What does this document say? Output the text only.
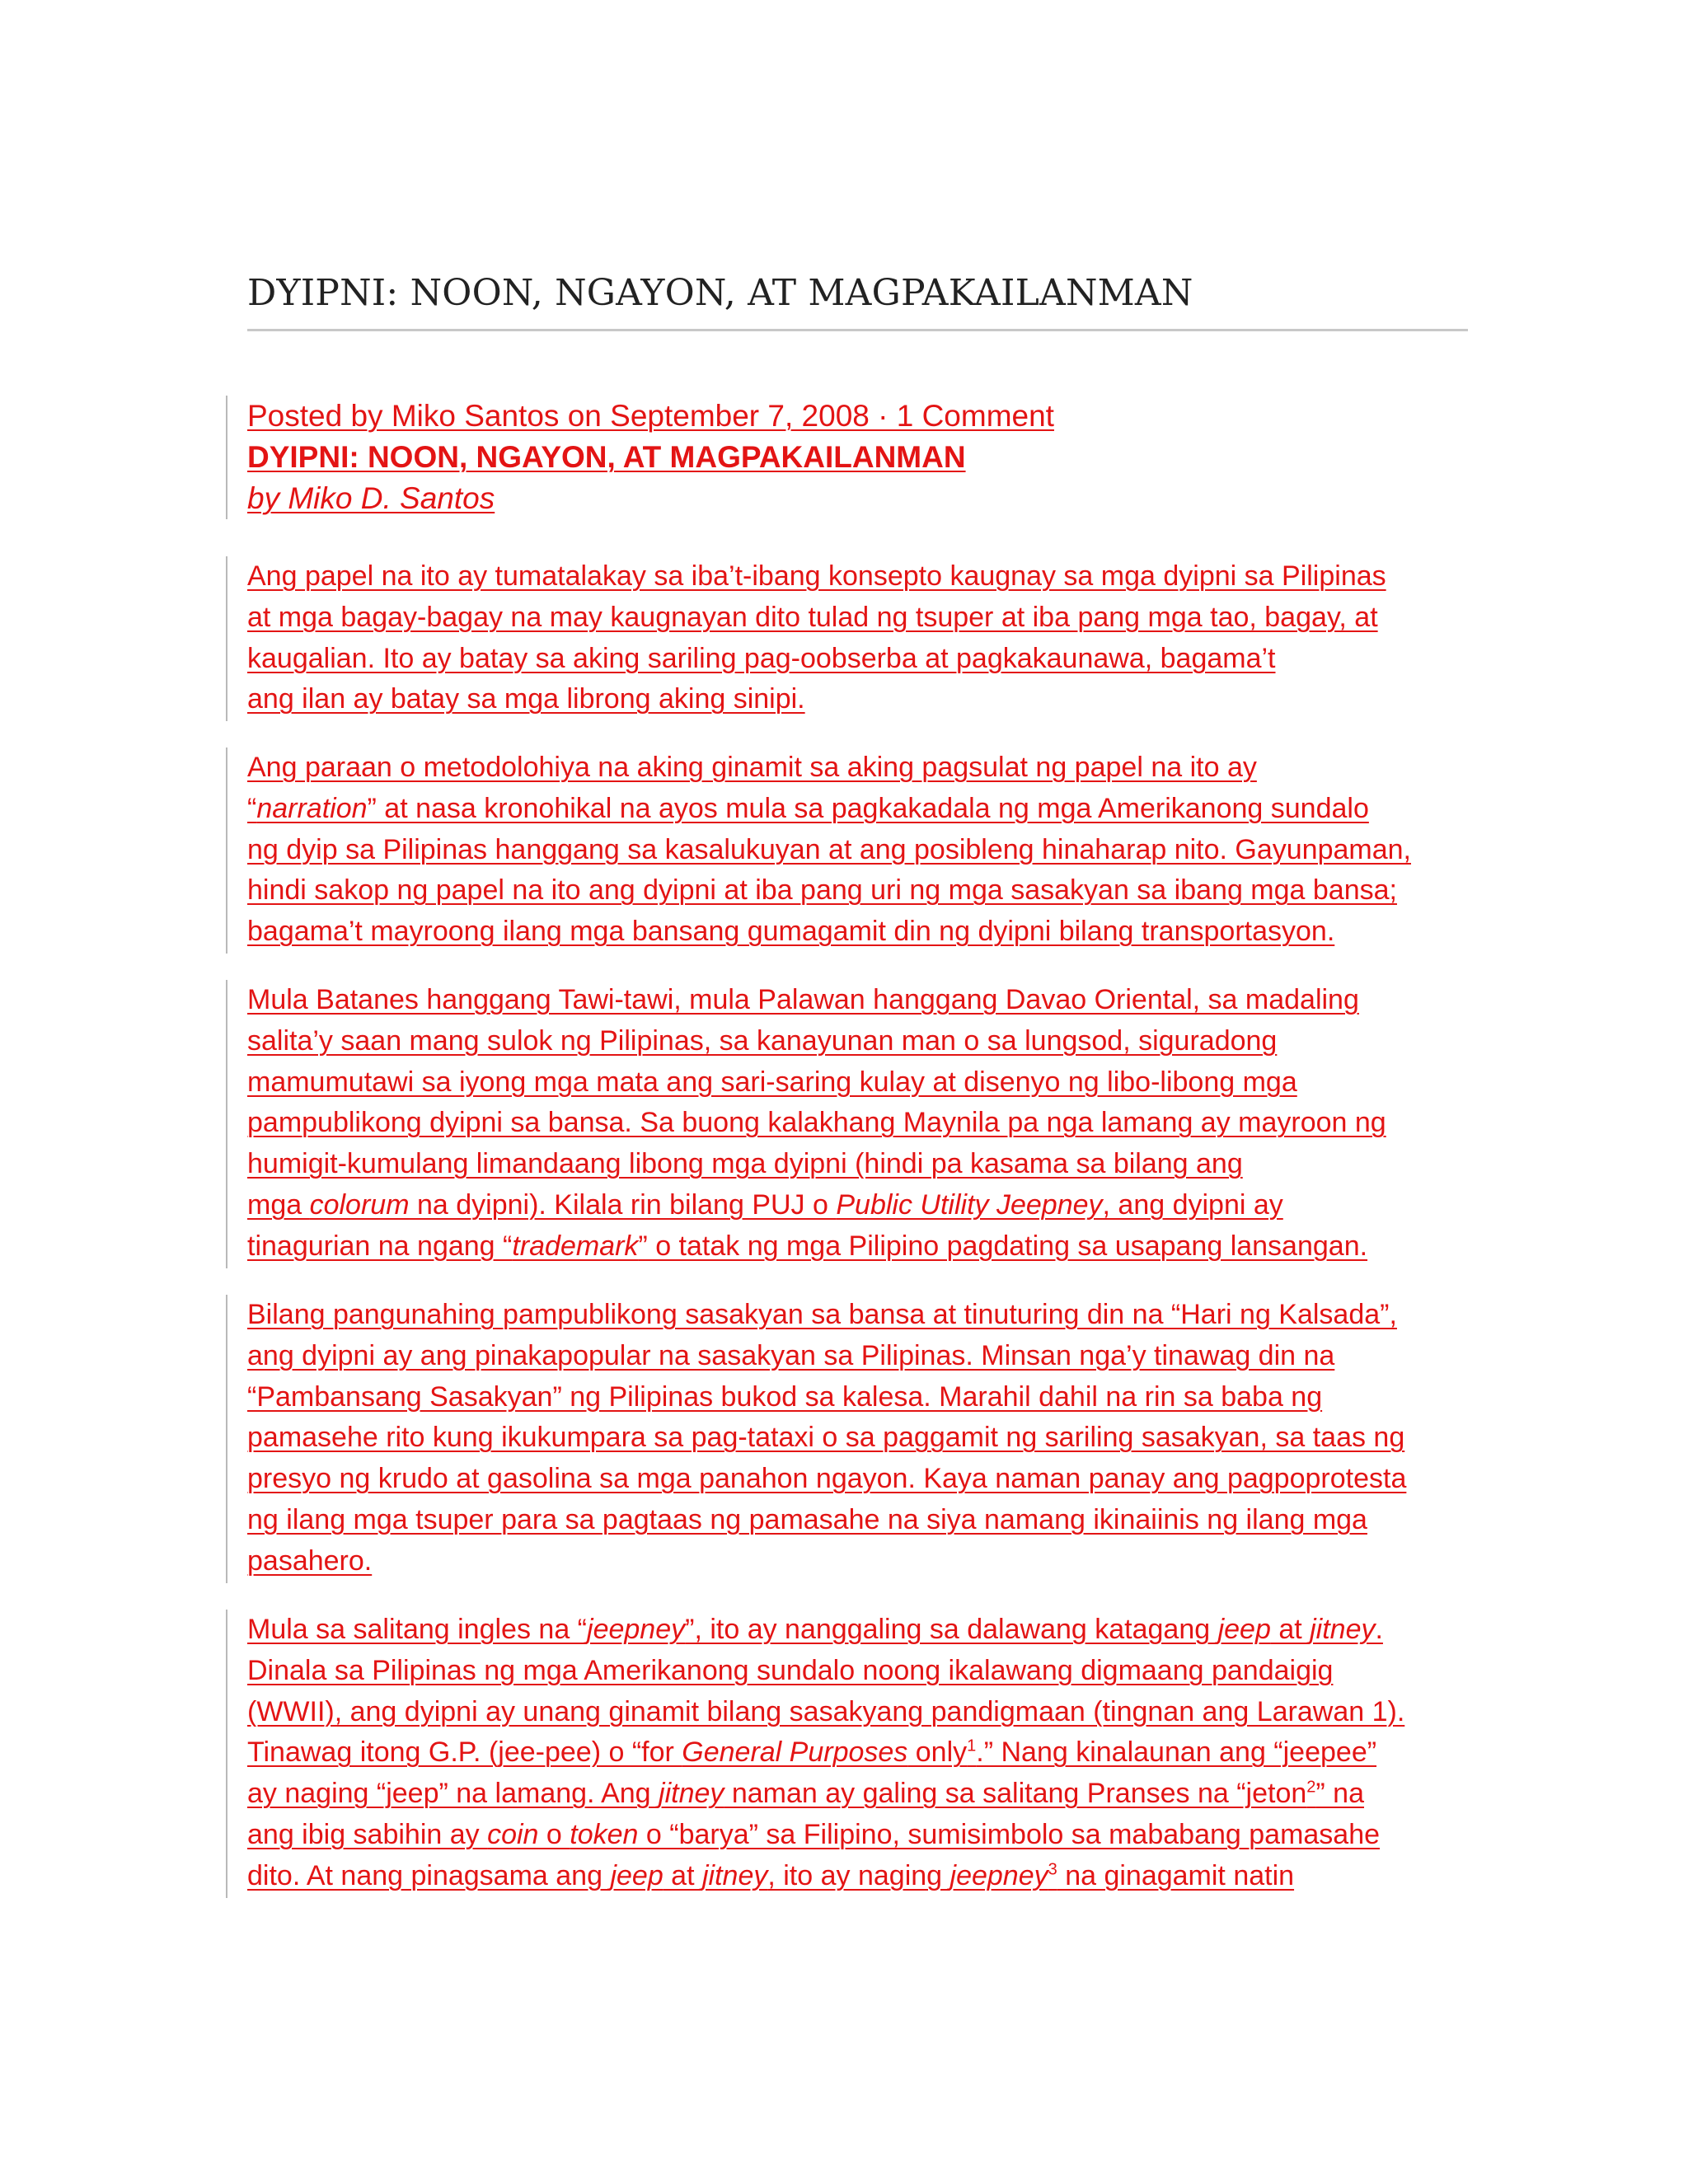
DYIPNI: NOON, NGAYON, AT MAGPAKAILANMAN
Posted by Miko Santos on September 7, 2008 · 1 Comment
DYIPNI: NOON, NGAYON, AT MAGPAKAILANMAN
by Miko D. Santos
Ang papel na ito ay tumatalakay sa iba’t-ibang konsepto kaugnay sa mga dyipni sa Pilipinas
at mga bagay-bagay na may kaugnayan dito tulad ng tsuper at iba pang mga tao, bagay, at
kaugalian. Ito ay batay sa aking sariling pag-oobserba at pagkakaunawa, bagama’t
ang ilan ay batay sa mga librong aking sinipi.
Ang paraan o metodolohiya na aking ginamit sa aking pagsulat ng papel na ito ay
“narration” at nasa kronohikal na ayos mula sa pagkakadala ng mga Amerikanong sundalo
ng dyip sa Pilipinas hanggang sa kasalukuyan at ang posibleng hinaharap nito. Gayunpaman,
hindi sakop ng papel na ito ang dyipni at iba pang uri ng mga sasakyan sa ibang mga bansa;
bagama’t mayroong ilang mga bansang gumagamit din ng dyipni bilang transportasyon.
Mula Batanes hanggang Tawi-tawi, mula Palawan hanggang Davao Oriental, sa madaling
salita’y saan mang sulok ng Pilipinas, sa kanayunan man o sa lungsod, siguradong
mamumutawi sa iyong mga mata ang sari-saring kulay at disenyo ng libo-libong mga
pampublikong dyipni sa bansa. Sa buong kalakhang Maynila pa nga lamang ay mayroon ng
humigit-kumulang limandaang libong mga dyipni (hindi pa kasama sa bilang ang
mga colorum na dyipni). Kilala rin bilang PUJ o Public Utility Jeepney, ang dyipni ay
tinagurian na ngang “trademark” o tatak ng mga Pilipino pagdating sa usapang lansangan.
Bilang pangunahing pampublikong sasakyan sa bansa at tinuturing din na “Hari ng Kalsada”,
ang dyipni ay ang pinakapopular na sasakyan sa Pilipinas. Minsan nga’y tinawag din na
“Pambansang Sasakyan” ng Pilipinas bukod sa kalesa. Marahil dahil na rin sa baba ng
pamasehe rito kung ikukumpara sa pag-tataxi o sa paggamit ng sariling sasakyan, sa taas ng
presyo ng krudo at gasolina sa mga panahon ngayon. Kaya naman panay ang pagpoprotesta
ng ilang mga tsuper para sa pagtaas ng pamasahe na siya namang ikinaiinis ng ilang mga
pasahero.
Mula sa salitang ingles na “jeepney”, ito ay nanggaling sa dalawang katagang jeep at jitney.
Dinala sa Pilipinas ng mga Amerikanong sundalo noong ikalawang digmaang pandaigig
(WWII), ang dyipni ay unang ginamit bilang sasakyang pandigmaan (tingnan ang Larawan 1).
Tinawag itong G.P. (jee-pee) o “for General Purposes only$^1$.” Nang kinalaunan ang “jeepee”
ay naging “jeep” na lamang. Ang jitney naman ay galing sa salitang Pranses na “jeton$^2$” na
ang ibig sabihin ay coin o token o “barya” sa Filipino, sumisimbolo sa mababang pamasahe
dito. At nang pinagsama ang jeep at jitney, ito ay naging jeepney$^3$ na ginagamit natin
